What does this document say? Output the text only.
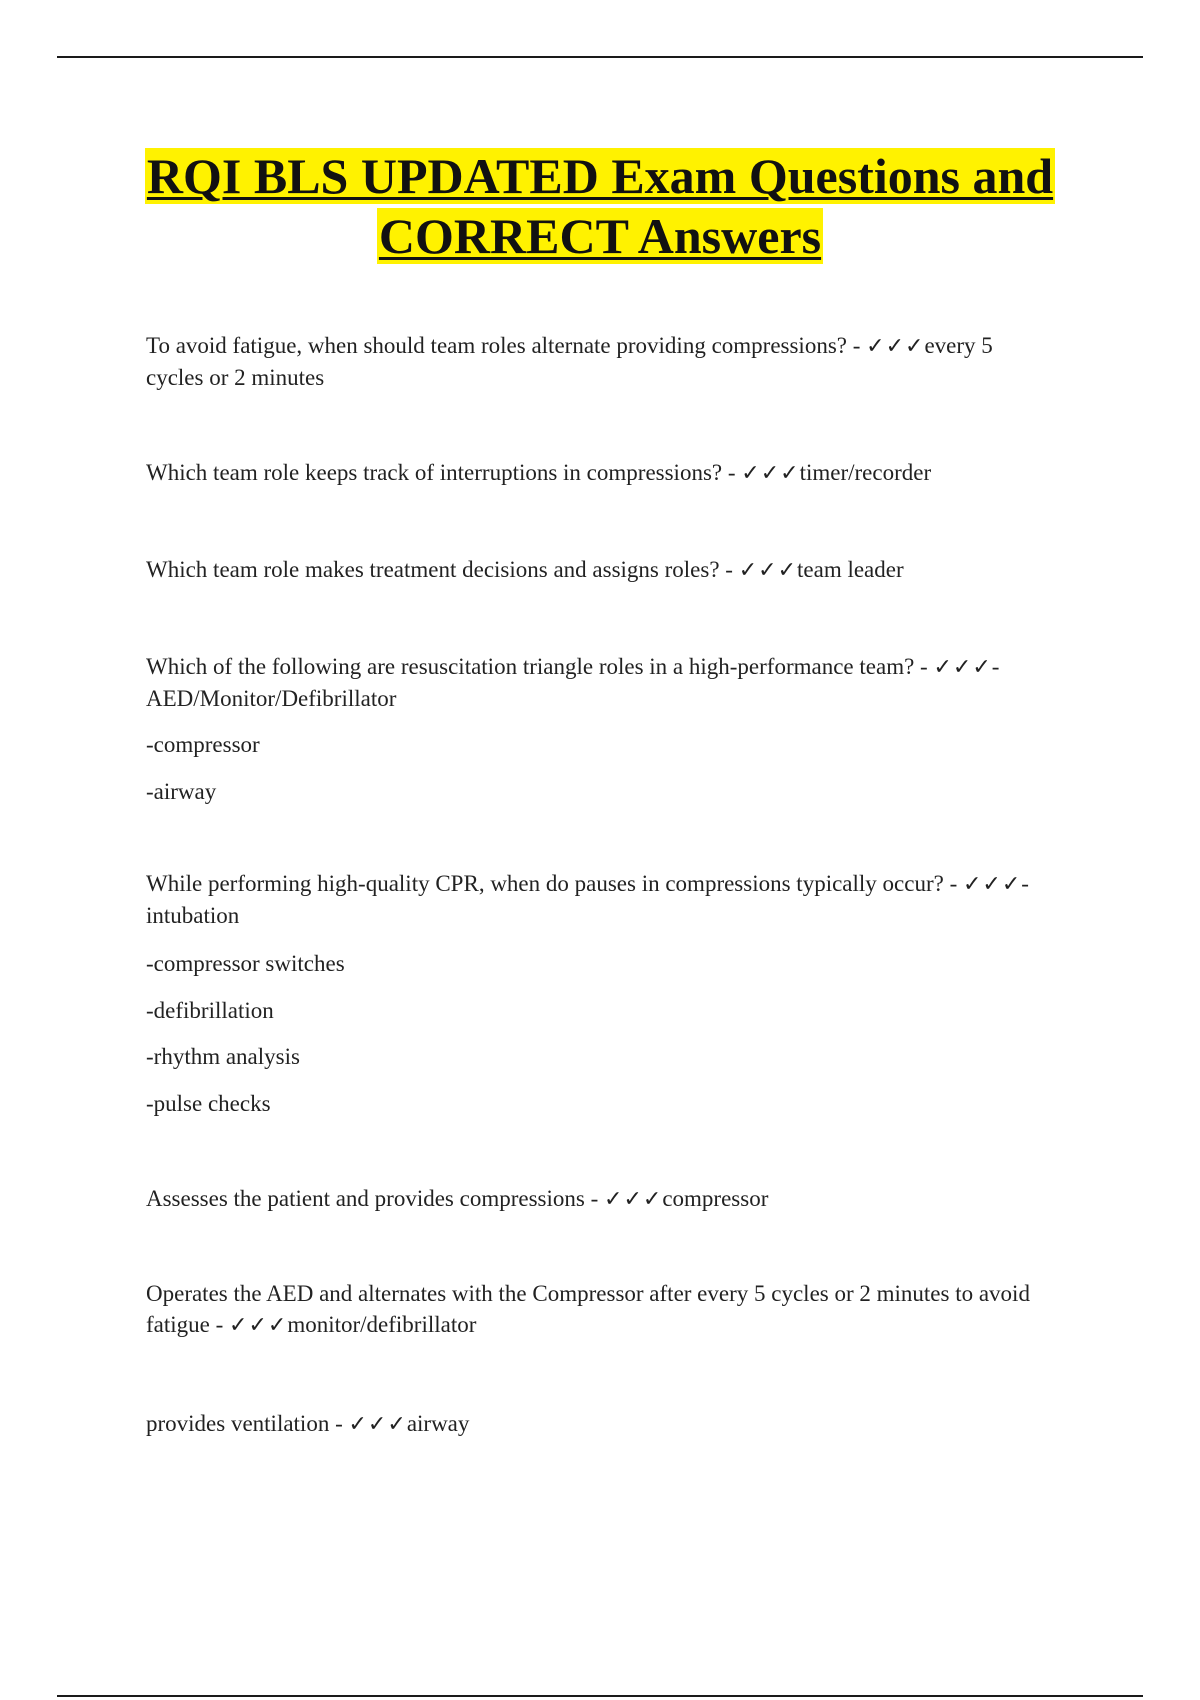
RQI BLS UPDATED Exam Questions and
CORRECT Answers

To avoid fatigue, when should team roles alternate providing compressions? - ✓✓✓every 5 cycles or 2 minutes

Which team role keeps track of interruptions in compressions? - ✓✓✓timer/recorder

Which team role makes treatment decisions and assigns roles? - ✓✓✓team leader

Which of the following are resuscitation triangle roles in a high-performance team? - ✓✓✓-AED/Monitor/Defibrillator

-compressor

-airway

While performing high-quality CPR, when do pauses in compressions typically occur? - ✓✓✓-intubation

-compressor switches

-defibrillation

-rhythm analysis

-pulse checks

Assesses the patient and provides compressions - ✓✓✓compressor

Operates the AED and alternates with the Compressor after every 5 cycles or 2 minutes to avoid fatigue - ✓✓✓monitor/defibrillator

provides ventilation - ✓✓✓airway
